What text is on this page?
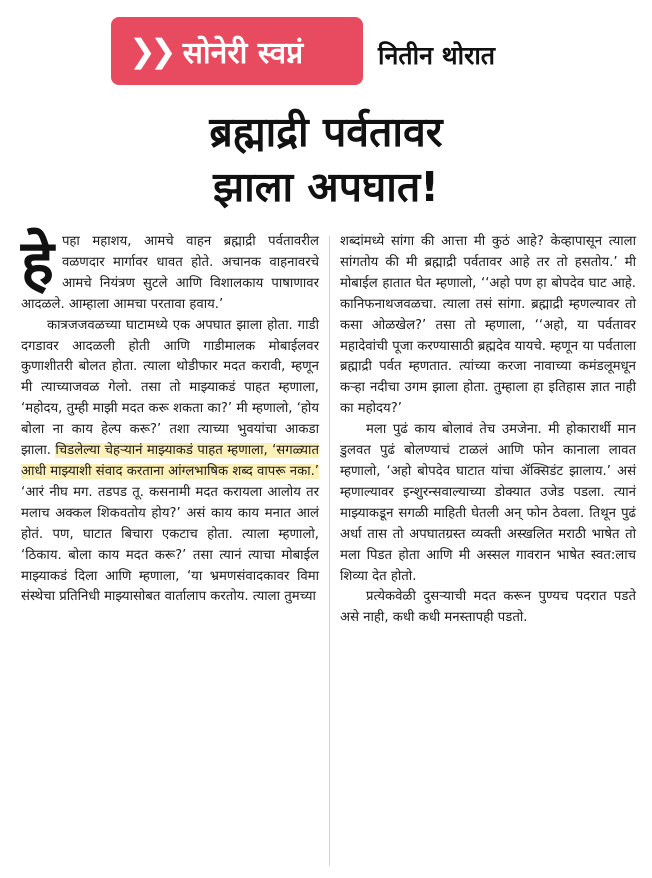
❯❯ सोनेरी स्वप्नं	नितीन थोरात
ब्रह्माद्री पर्वतावर
झाला अपघात!

हेपहा महाशय, आमचे वाहन ब्रह्माद्री पर्वतावरील वळणदार मार्गावर धावत होते. अचानक वाहनावरचे आमचे नियंत्रण सुटले आणि विशालकाय पाषाणावर आदळले. आम्हाला आमचा परतावा हवाय.’

कात्रजजवळच्या घाटामध्ये एक अपघात झाला होता. गाडी दगडावर आदळली होती आणि गाडीमालक मोबाईलवर कुणाशीतरी बोलत होता. त्याला थोडीफार मदत करावी, म्हणून मी त्याच्याजवळ गेलो. तसा तो माझ्याकडं पाहत म्हणाला, ‘महोदय, तुम्ही माझी मदत करू शकता का?’ मी म्हणालो, ‘होय बोला ना काय हेल्प करू?’ तशा त्याच्या भुवयांचा आकडा झाला. चिडलेल्या चेहऱ्यानं माझ्याकडं पाहत म्हणाला, ‘सगळ्यात आधी माझ्याशी संवाद करताना आंग्लभाषिक शब्द वापरू नका.’ ‘आरं नीघ मग. तडपड तू. कसनामी मदत करायला आलोय तर मलाच अक्कल शिकवतोय होय?’ असं काय काय मनात आलं होतं. पण, घाटात बिचारा एकटाच होता. त्याला म्हणालो, ‘ठिकाय. बोला काय मदत करू?’ तसा त्यानं त्याचा मोबाईल माझ्याकडं दिला आणि म्हणाला, ‘या भ्रमणसंवादकावर विमा संस्थेचा प्रतिनिधी माझ्यासोबत वार्तालाप करतोय. त्याला तुमच्या

शब्दांमध्ये सांगा की आत्ता मी कुठं आहे? केव्हापासून त्याला सांगतोय की मी ब्रह्माद्री पर्वतावर आहे तर तो हसतोय.’ मी मोबाईल हातात घेत म्हणालो, ‘‘अहो पण हा बोपदेव घाट आहे. कानिफनाथजवळचा. त्याला तसं सांगा. ब्रह्माद्री म्हणल्यावर तो कसा ओळखेल?’ तसा तो म्हणाला, ‘‘अहो, या पर्वतावर महादेवांची पूजा करण्यासाठी ब्रह्मदेव यायचे. म्हणून या पर्वताला ब्रह्माद्री पर्वत म्हणतात. त्यांच्या करजा नावाच्या कमंडलूमधून कऱ्हा नदीचा उगम झाला होता. तुम्हाला हा इतिहास ज्ञात नाही का महोदय?’

मला पुढं काय बोलावं तेच उमजेना. मी होकारार्थी मान डुलवत पुढं बोलण्याचं टाळलं आणि फोन कानाला लावत म्हणालो, ‘अहो बोपदेव घाटात यांचा ॲक्सिडंट झालाय.’ असं म्हणाल्यावर इन्शुरन्सवाल्याच्या डोक्यात उजेड पडला. त्यानं माझ्याकडून सगळी माहिती घेतली अन् फोन ठेवला. तिथून पुढं अर्धा तास तो अपघातग्रस्त व्यक्ती अस्खलित मराठी भाषेत तो मला पिडत होता आणि मी अस्सल गावरान भाषेत स्वत:लाच शिव्या देत होतो.

प्रत्येकवेळी दुसऱ्याची मदत करून पुण्यच पदरात पडते असे नाही, कधी कधी मनस्तापही पडतो.
